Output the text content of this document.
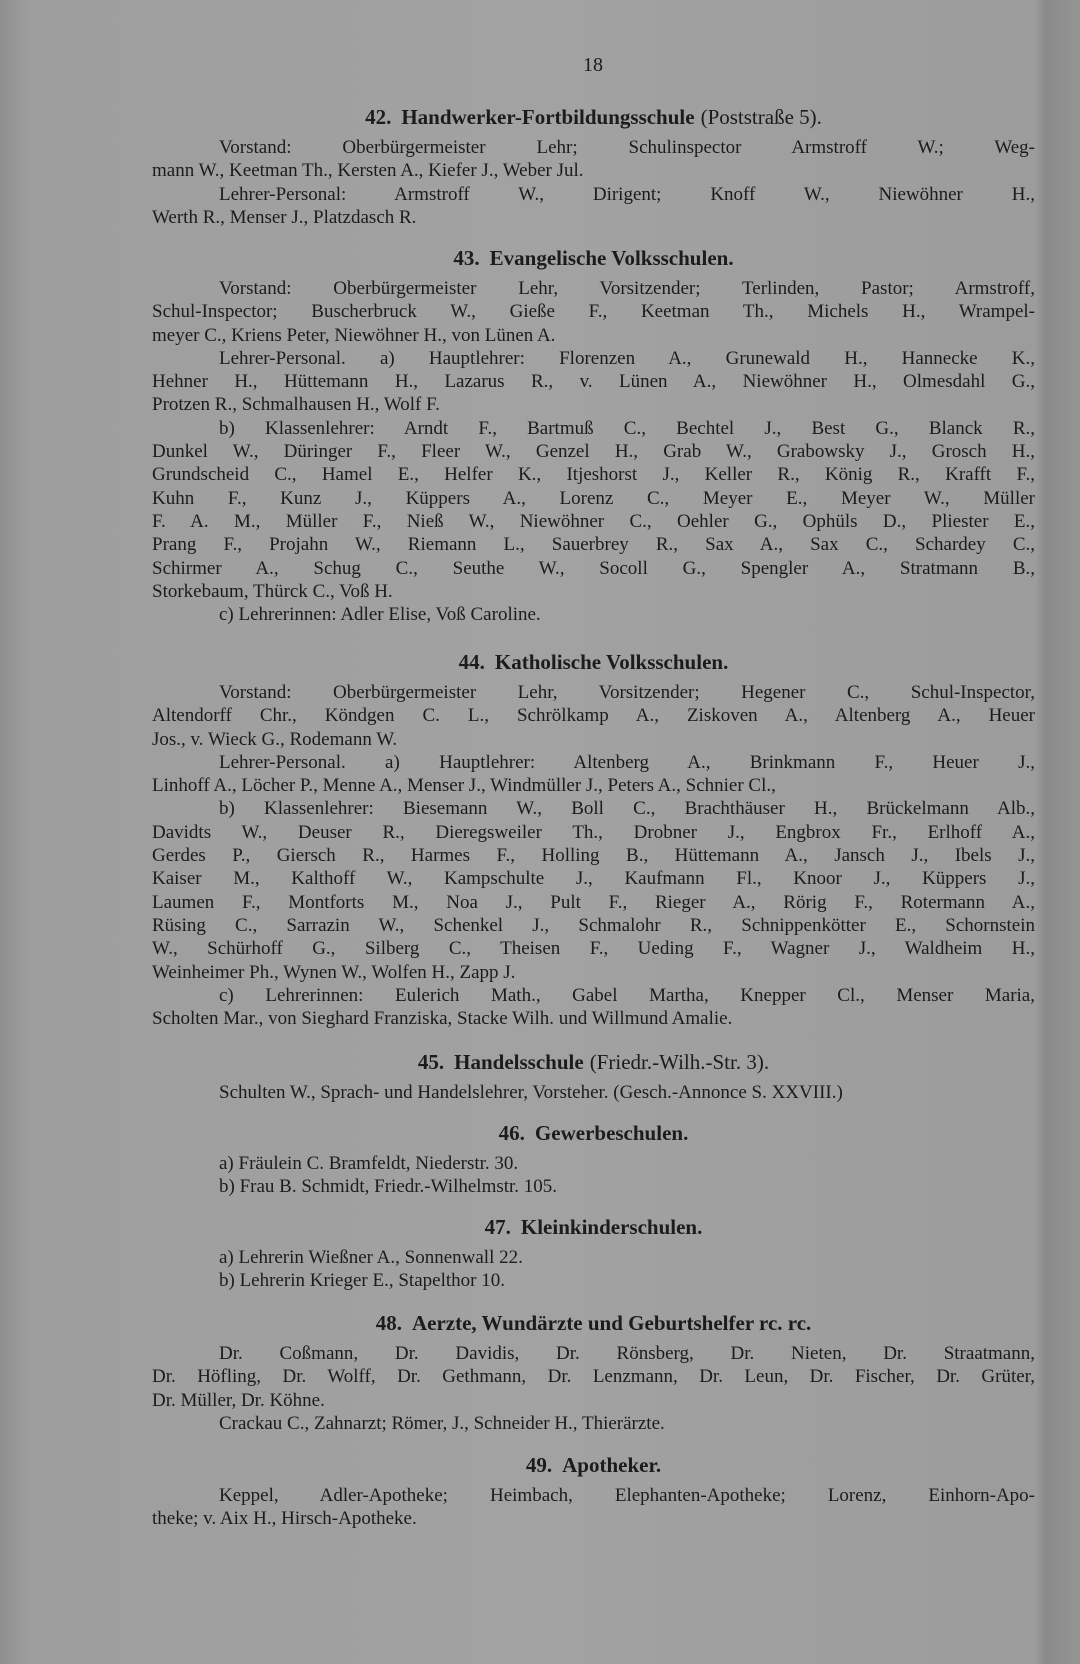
18
42. Handwerker-Fortbildungsschule (Poststraße 5).
Vorstand: Oberbürgermeister Lehr; Schulinspector Armstroff W.; Weg-
mann W., Keetman Th., Kersten A., Kiefer J., Weber Jul.
Lehrer-Personal: Armstroff W., Dirigent; Knoff W., Niewöhner H.,
Werth R., Menser J., Platzdasch R.
43. Evangelische Volksschulen.
Vorstand: Oberbürgermeister Lehr, Vorsitzender; Terlinden, Pastor; Armstroff,
Schul-Inspector; Buscherbruck W., Gieße F., Keetman Th., Michels H., Wrampel-
meyer C., Kriens Peter, Niewöhner H., von Lünen A.
Lehrer-Personal. a) Hauptlehrer: Florenzen A., Grunewald H., Hannecke K.,
Hehner H., Hüttemann H., Lazarus R., v. Lünen A., Niewöhner H., Olmesdahl G.,
Protzen R., Schmalhausen H., Wolf F.
b) Klassenlehrer: Arndt F., Bartmuß C., Bechtel J., Best G., Blanck R.,
Dunkel W., Düringer F., Fleer W., Genzel H., Grab W., Grabowsky J., Grosch H.,
Grundscheid C., Hamel E., Helfer K., Itjeshorst J., Keller R., König R., Krafft F.,
Kuhn F., Kunz J., Küppers A., Lorenz C., Meyer E., Meyer W., Müller
F. A. M., Müller F., Nieß W., Niewöhner C., Oehler G., Ophüls D., Pliester E.,
Prang F., Projahn W., Riemann L., Sauerbrey R., Sax A., Sax C., Schardey C.,
Schirmer A., Schug C., Seuthe W., Socoll G., Spengler A., Stratmann B.,
Storkebaum, Thürck C., Voß H.
c) Lehrerinnen: Adler Elise, Voß Caroline.
44. Katholische Volksschulen.
Vorstand: Oberbürgermeister Lehr, Vorsitzender; Hegener C., Schul-Inspector,
Altendorff Chr., Köndgen C. L., Schrölkamp A., Ziskoven A., Altenberg A., Heuer
Jos., v. Wieck G., Rodemann W.
Lehrer-Personal. a) Hauptlehrer: Altenberg A., Brinkmann F., Heuer J.,
Linhoff A., Löcher P., Menne A., Menser J., Windmüller J., Peters A., Schnier Cl.,
b) Klassenlehrer: Biesemann W., Boll C., Brachthäuser H., Brückelmann Alb.,
Davidts W., Deuser R., Dieregsweiler Th., Drobner J., Engbrox Fr., Erlhoff A.,
Gerdes P., Giersch R., Harmes F., Holling B., Hüttemann A., Jansch J., Ibels J.,
Kaiser M., Kalthoff W., Kampschulte J., Kaufmann Fl., Knoor J., Küppers J.,
Laumen F., Montforts M., Noa J., Pult F., Rieger A., Rörig F., Rotermann A.,
Rüsing C., Sarrazin W., Schenkel J., Schmalohr R., Schnippenkötter E., Schornstein
W., Schürhoff G., Silberg C., Theisen F., Ueding F., Wagner J., Waldheim H.,
Weinheimer Ph., Wynen W., Wolfen H., Zapp J.
c) Lehrerinnen: Eulerich Math., Gabel Martha, Knepper Cl., Menser Maria,
Scholten Mar., von Sieghard Franziska, Stacke Wilh. und Willmund Amalie.
45. Handelsschule (Friedr.-Wilh.-Str. 3).
Schulten W., Sprach- und Handelslehrer, Vorsteher. (Gesch.-Annonce S. XXVIII.)
46. Gewerbeschulen.
a) Fräulein C. Bramfeldt, Niederstr. 30.
b) Frau B. Schmidt, Friedr.-Wilhelmstr. 105.
47. Kleinkinderschulen.
a) Lehrerin Wießner A., Sonnenwall 22.
b) Lehrerin Krieger E., Stapelthor 10.
48. Aerzte, Wundärzte und Geburtshelfer rc. rc.
Dr. Coßmann, Dr. Davidis, Dr. Rönsberg, Dr. Nieten, Dr. Straatmann,
Dr. Höfling, Dr. Wolff, Dr. Gethmann, Dr. Lenzmann, Dr. Leun, Dr. Fischer, Dr. Grüter,
Dr. Müller, Dr. Köhne.
Crackau C., Zahnarzt; Römer, J., Schneider H., Thierärzte.
49. Apotheker.
Keppel, Adler-Apotheke; Heimbach, Elephanten-Apotheke; Lorenz, Einhorn-Apo-
theke; v. Aix H., Hirsch-Apotheke.
